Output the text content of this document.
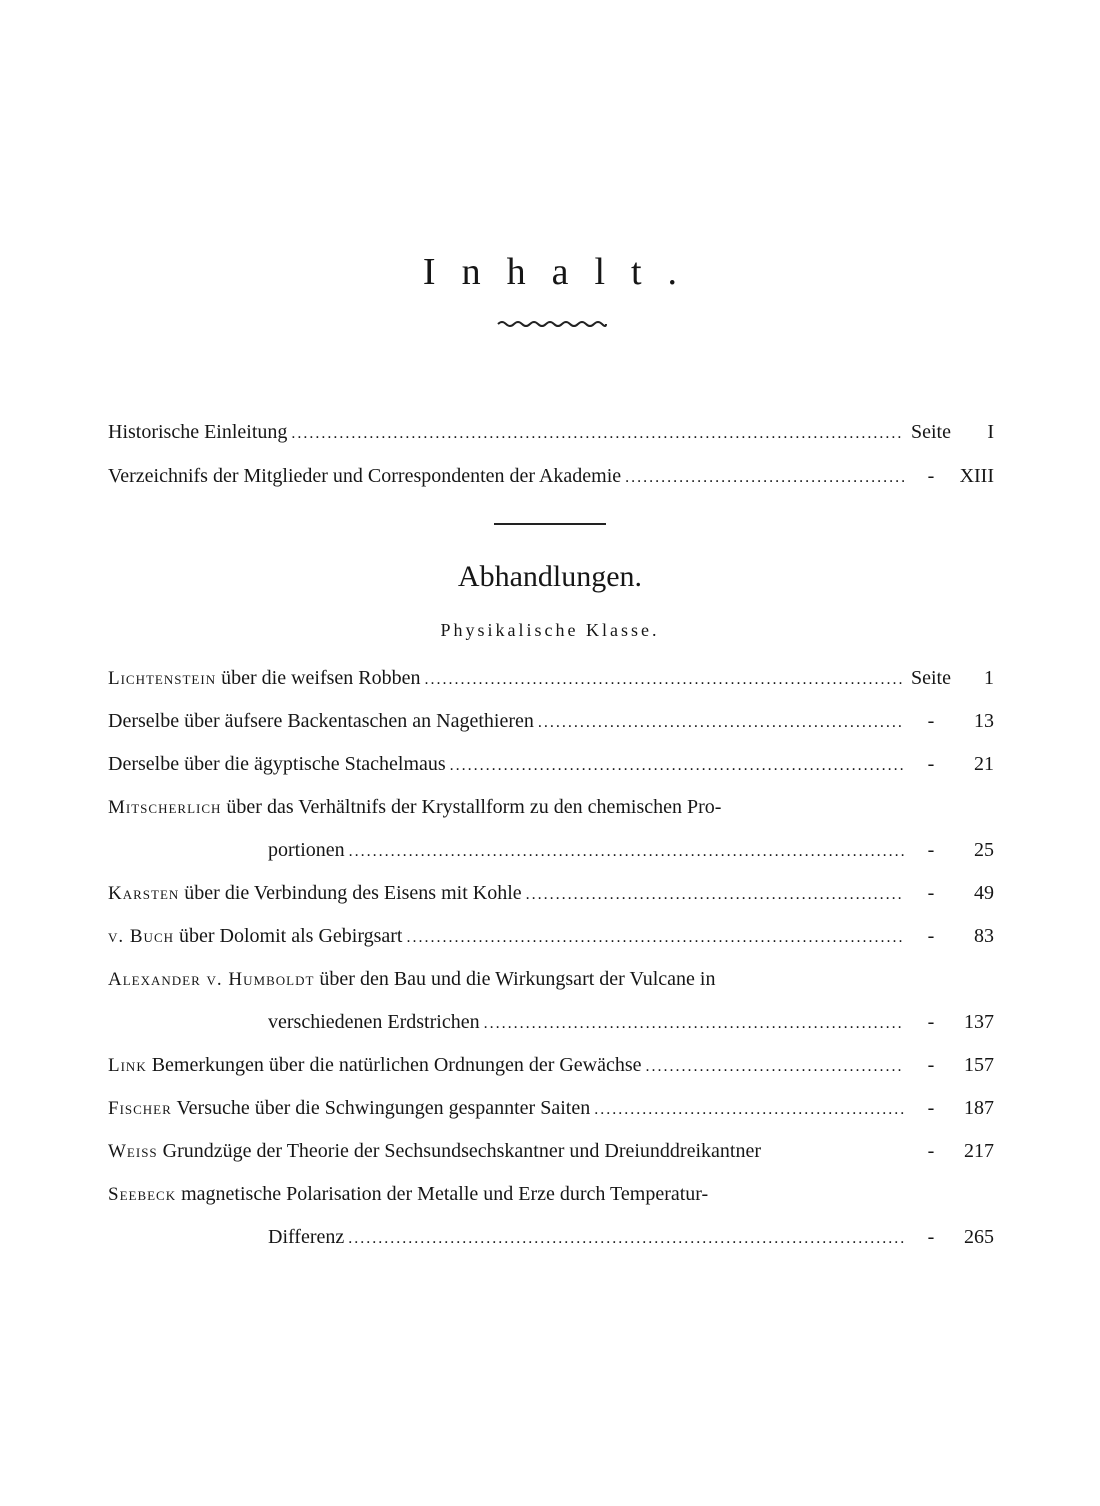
Inhalt.
Historische Einleitung . . .	Seite	I
Verzeichnifs der Mitglieder und Correspondenten der Akademie . . .	-	XIII
Abhandlungen.
Physikalische Klasse.
Lichtenstein über die weifsen Robben . . .	Seite	1
Derselbe über äufsere Backentaschen an Nagethieren . . .	-	13
Derselbe über die ägyptische Stachelmaus . . .	-	21
Mitscherlich über das Verhältnifs der Krystallform zu den chemischen Pro-
portionen . . .	-	25
Karsten über die Verbindung des Eisens mit Kohle . . .	-	49
v. Buch über Dolomit als Gebirgsart . . .	-	83
Alexander v. Humboldt über den Bau und die Wirkungsart der Vulcane in
verschiedenen Erdstrichen . . .	-	137
Link Bemerkungen über die natürlichen Ordnungen der Gewächse . . .	-	157
Fischer Versuche über die Schwingungen gespannter Saiten . . .	-	187
Weiss Grundzüge der Theorie der Sechsundsechskantner und Dreiunddreikantner	-	217
Seebeck magnetische Polarisation der Metalle und Erze durch Temperatur-
Differenz . . .	-	265
